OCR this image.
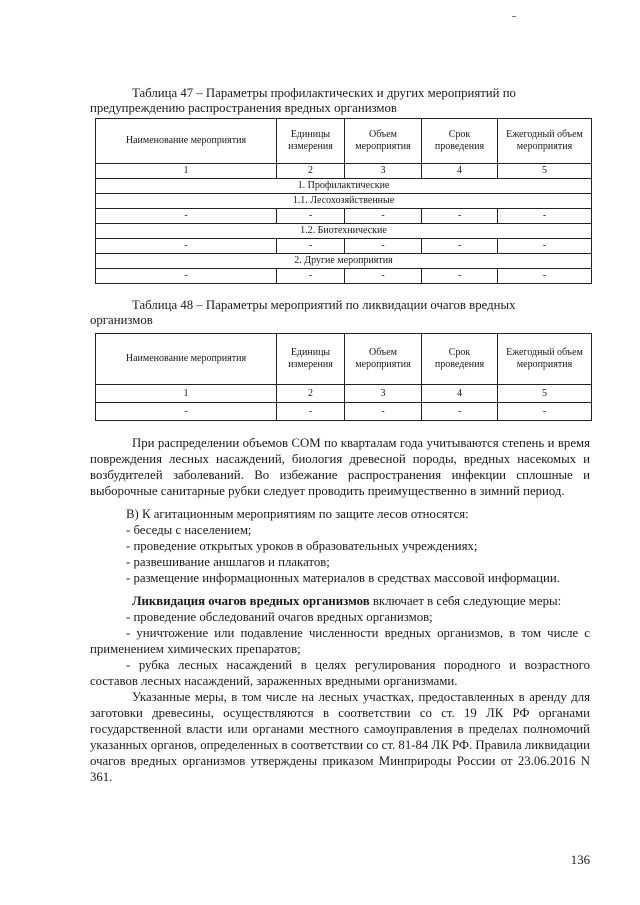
Таблица 47 – Параметры профилактических и других мероприятий по
предупреждению распространения вредных организмов
Наименование мероприятия	Единицы измерения	Объем мероприятия	Срок проведения	Ежегодный объем мероприятия
1	2	3	4	5
1. Профилактические				
1.1. Лесохозяйственные				
-	-	-	-	-
1.2. Биотехнические				
-	-	-	-	-
2. Другие мероприятия				
-	-	-	-	-
Таблица 48 – Параметры мероприятий по ликвидации очагов вредных
организмов
Наименование мероприятия	Единицы измерения	Объем мероприятия	Срок проведения	Ежегодный объем мероприятия
1	2	3	4	5
-	-	-	-	-

При распределении объемов СОМ по кварталам года учитываются степень и время повреждения лесных насаждений, биология древесной породы, вредных насекомых и возбудителей заболеваний. Во избежание распространения инфекции сплошные и выборочные санитарные рубки следует проводить преимущественно в зимний период.

В) К агитационным мероприятиям по защите лесов относятся:

- беседы с населением;

- проведение открытых уроков в образовательных учреждениях;

- развешивание аншлагов и плакатов;

- размещение информационных материалов в средствах массовой информации.

Ликвидация очагов вредных организмов включает в себя следующие меры:

- проведение обследований очагов вредных организмов;

- уничтожение или подавление численности вредных организмов, в том числе с применением химических препаратов;

- рубка лесных насаждений в целях регулирования породного и возрастного составов лесных насаждений, зараженных вредными организмами.

Указанные меры, в том числе на лесных участках, предоставленных в аренду для заготовки древесины, осуществляются в соответствии со ст. 19 ЛК РФ органами государственной власти или органами местного самоуправления в пределах полномочий указанных органов, определенных в соответствии со ст. 81-84 ЛК РФ. Правила ликвидации очагов вредных организмов утверждены приказом Минприроды России от 23.06.2016 N 361.

136
